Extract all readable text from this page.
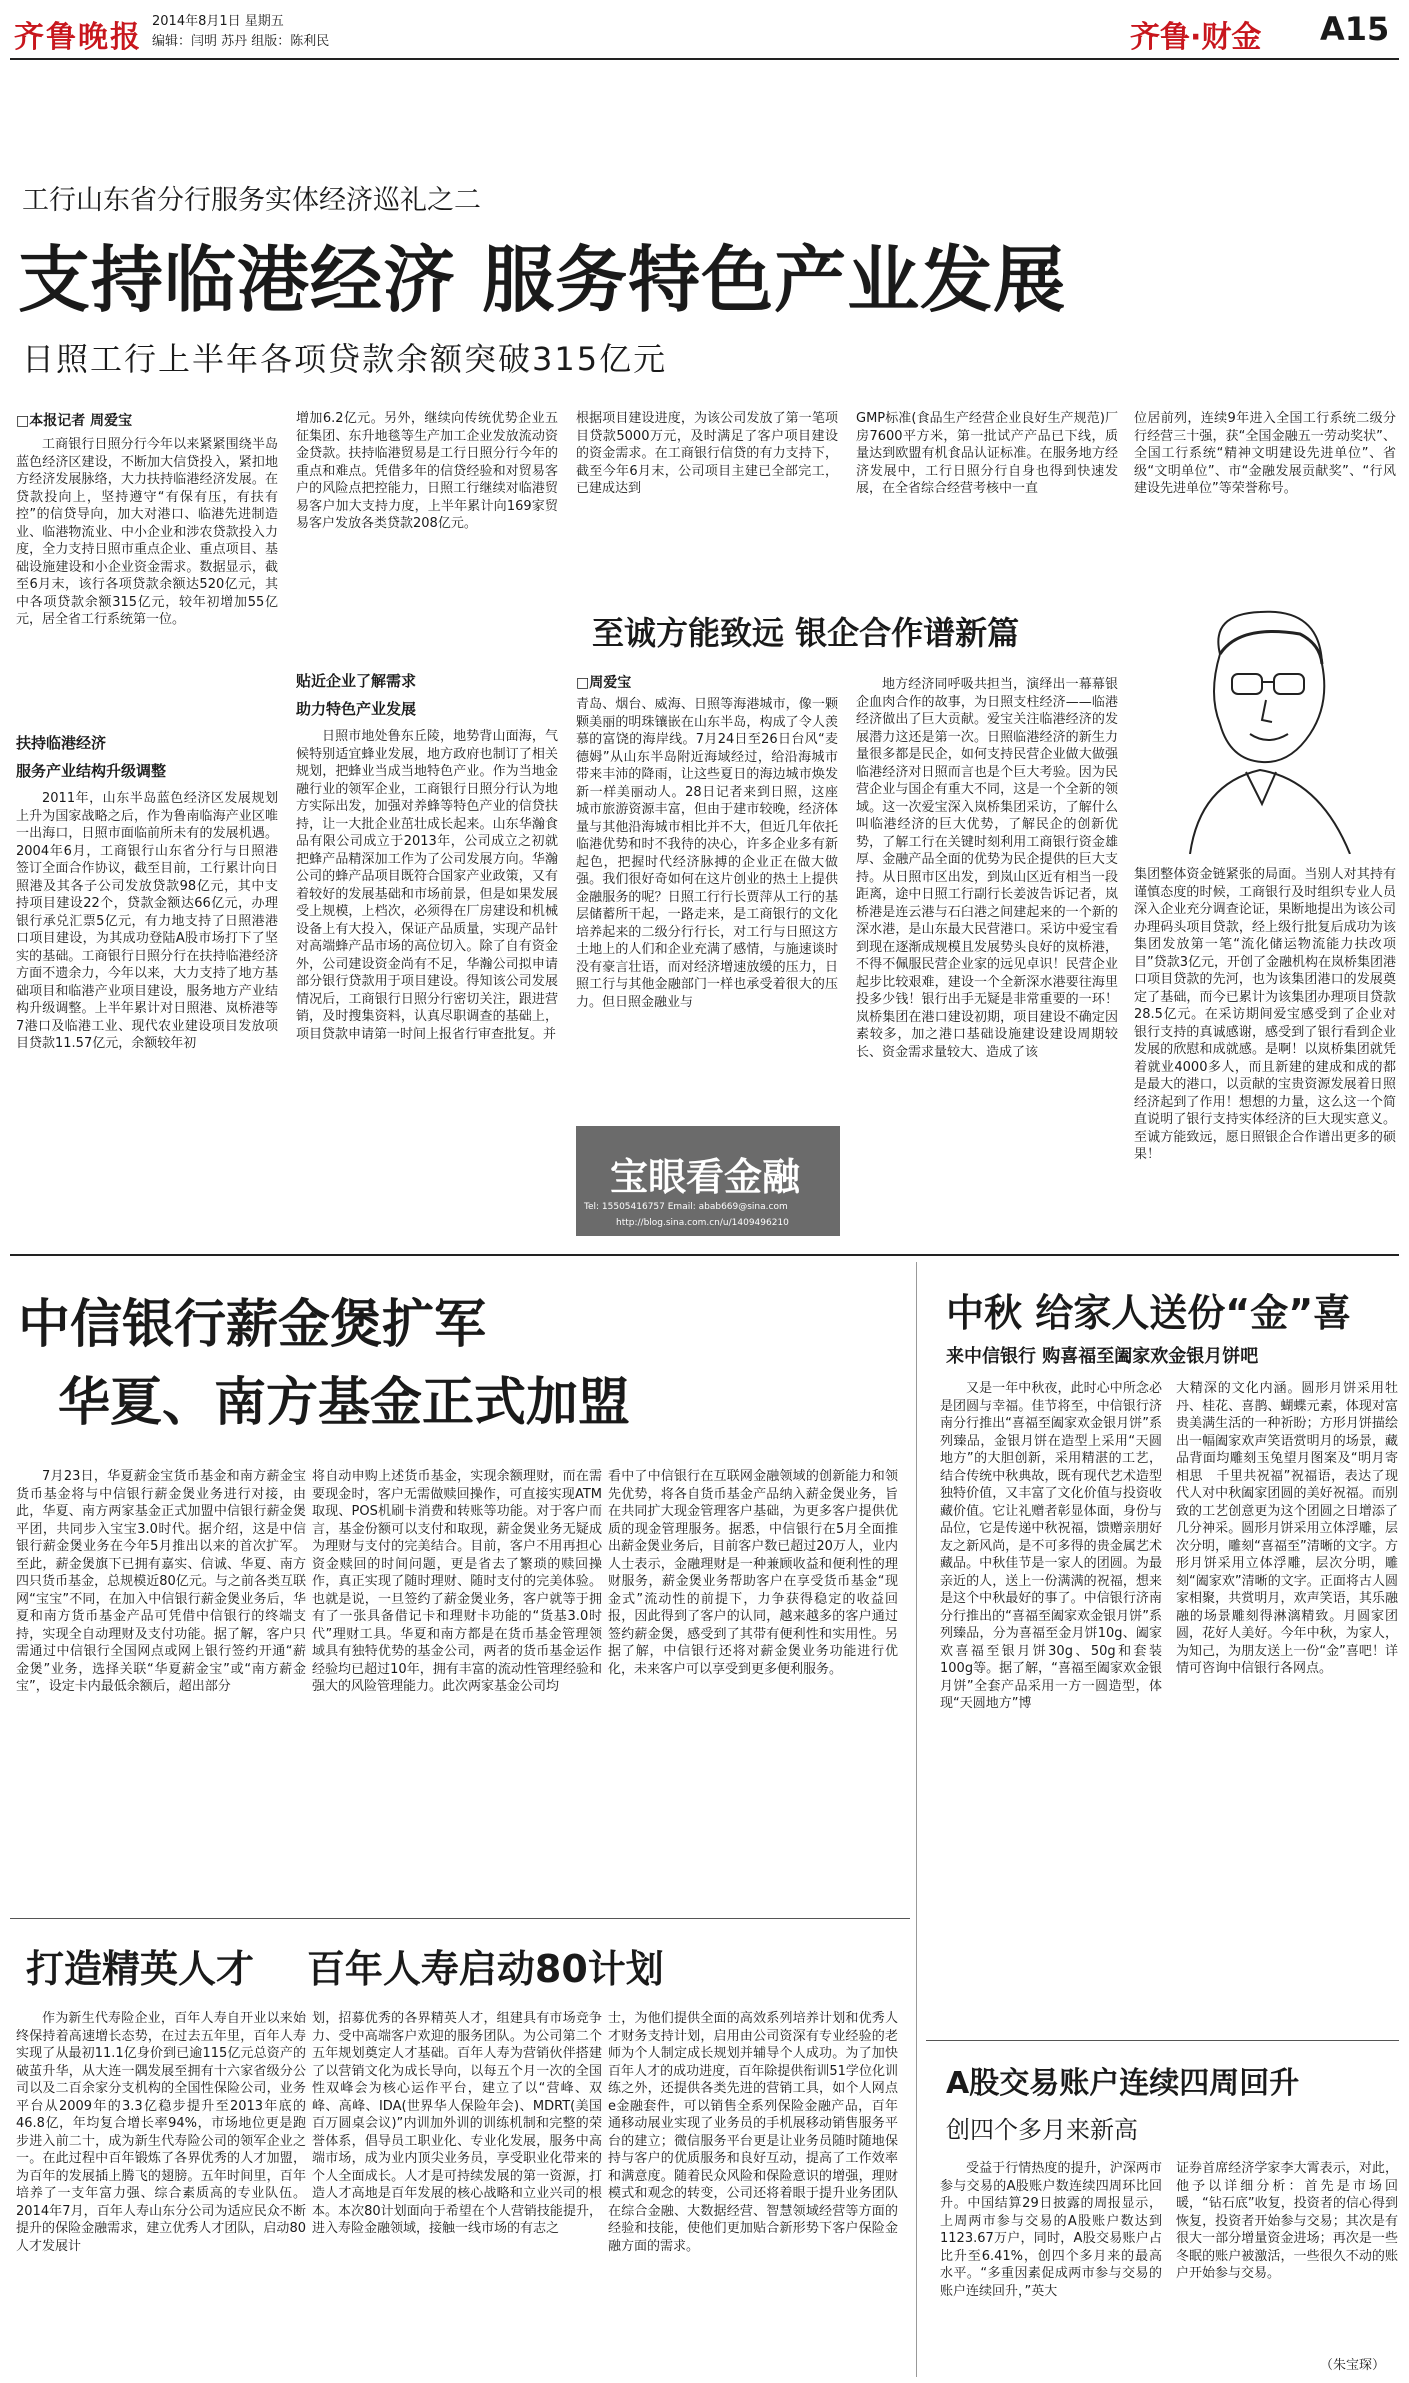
齐鲁晚报 2014年8月1日 星期五
编辑：闫明 苏丹 组版：陈利民	齐鲁·财金 A15
工行山东省分行服务实体经济巡礼之二
支持临港经济 服务特色产业发展
日照工行上半年各项贷款余额突破315亿元
□本报记者 周爱宝
工商银行日照分行今年以来紧紧围绕半岛蓝色经济区建设，不断加大信贷投入，紧扣地方经济发展脉络，大力扶持临港经济发展。在贷款投向上，坚持遵守“有保有压，有扶有控”的信贷导向，加大对港口、临港先进制造业、临港物流业、中小企业和涉农贷款投入力度，全力支持日照市重点企业、重点项目、基础设施建设和小企业资金需求。数据显示，截至6月末，该行各项贷款余额达520亿元，其中各项贷款余额315亿元，较年初增加55亿元，居全省工行系统第一位。
扶持临港经济
服务产业结构升级调整
2011年，山东半岛蓝色经济区发展规划上升为国家战略之后，作为鲁南临海产业区唯一出海口，日照市面临前所未有的发展机遇。2004年6月，工商银行山东省分行与日照港签订全面合作协议，截至目前，工行累计向日照港及其各子公司发放贷款98亿元，其中支持项目建设22个，贷款金额达66亿元，办理银行承兑汇票5亿元，有力地支持了日照港港口项目建设，为其成功登陆A股市场打下了坚实的基础。工商银行日照分行在扶持临港经济方面不遗余力，今年以来，大力支持了地方基础项目和临港产业项目建设，服务地方产业结构升级调整。上半年累计对日照港、岚桥港等7港口及临港工业、现代农业建设项目发放项目贷款11.57亿元，余额较年初
增加6.2亿元。另外，继续向传统优势企业五征集团、东升地毯等生产加工企业发放流动资金贷款。扶持临港贸易是工行日照分行今年的重点和难点。凭借多年的信贷经验和对贸易客户的风险点把控能力，日照工行继续对临港贸易客户加大支持力度，上半年累计向169家贸易客户发放各类贷款208亿元。
贴近企业了解需求
助力特色产业发展
日照市地处鲁东丘陵，地势背山面海，气候特别适宜蜂业发展，地方政府也制订了相关规划，把蜂业当成当地特色产业。作为当地金融行业的领军企业，工商银行日照分行认为地方实际出发，加强对养蜂等特色产业的信贷扶持，让一大批企业茁壮成长起来。山东华瀚食品有限公司成立于2013年，公司成立之初就把蜂产品精深加工作为了公司发展方向。华瀚公司的蜂产品项目既符合国家产业政策，又有着较好的发展基础和市场前景，但是如果发展受上规模，上档次，必须得在厂房建设和机械设备上有大投入，保证产品质量，实现产品针对高端蜂产品市场的高位切入。除了自有资金外，公司建设资金尚有不足，华瀚公司拟申请部分银行贷款用于项目建设。得知该公司发展情况后，工商银行日照分行密切关注，跟进营销，及时搜集资料，认真尽职调查的基础上，项目贷款申请第一时间上报省行审查批复。并
根据项目建设进度，为该公司发放了第一笔项目贷款5000万元，及时满足了客户项目建设的资金需求。在工商银行信贷的有力支持下，截至今年6月末，公司项目主建已全部完工，已建成达到
GMP标准(食品生产经营企业良好生产规范)厂房7600平方米，第一批试产产品已下线，质量达到欧盟有机食品认证标准。在服务地方经济发展中，工行日照分行自身也得到快速发展，在全省综合经营考核中一直
位居前列，连续9年进入全国工行系统二级分行经营三十强，获“全国金融五一劳动奖状”、全国工行系统“精神文明建设先进单位”、省级“文明单位”、市“金融发展贡献奖”、“行风建设先进单位”等荣誉称号。
至诚方能致远 银企合作谱新篇
□周爱宝
青岛、烟台、威海、日照等海港城市，像一颗颗美丽的明珠镶嵌在山东半岛，构成了令人羡慕的富饶的海岸线。7月24日至26日台风“麦德姆”从山东半岛附近海域经过，给沿海城市带来丰沛的降雨，让这些夏日的海边城市焕发新一样美丽动人。28日记者来到日照，这座城市旅游资源丰富，但由于建市较晚，经济体量与其他沿海城市相比并不大，但近几年依托临港优势和时不我待的决心，许多企业多有新起色，把握时代经济脉搏的企业正在做大做强。我们很好奇如何在这片创业的热土上提供金融服务的呢？日照工行行长贾萍从工行的基层储蓄所干起，一路走来，是工商银行的文化培养起来的二级分行行长，对工行与日照这方土地上的人们和企业充满了感情，与施速谈时没有豪言壮语，而对经济增速放缓的压力，日照工行与其他金融部门一样也承受着很大的压力。但日照金融业与
地方经济同呼吸共担当，演绎出一幕幕银企血肉合作的故事，为日照支柱经济——临港经济做出了巨大贡献。爱宝关注临港经济的发展潜力这还是第一次。日照临港经济的新生力量很多都是民企，如何支持民营企业做大做强临港经济对日照而言也是个巨大考验。因为民营企业与国企有重大不同，这是一个全新的领域。这一次爱宝深入岚桥集团采访，了解什么叫临港经济的巨大优势，了解民企的创新优势，了解工行在关键时刻利用工商银行资金雄厚、金融产品全面的优势为民企提供的巨大支持。从日照市区出发，到岚山区近有相当一段距离，途中日照工行副行长姜波告诉记者，岚桥港是连云港与石臼港之间建起来的一个新的深水港，是山东最大民营港口。采访中爱宝看到现在逐渐成规模且发展势头良好的岚桥港，不得不佩服民营企业家的远见卓识！民营企业起步比较艰难，建设一个全新深水港要往海里投多少钱！银行出手无疑是非常重要的一环！岚桥集团在港口建设初期，项目建设不确定因素较多，加之港口基础设施建设建设周期较长、资金需求量较大、造成了该
集团整体资金链紧张的局面。当别人对其持有谨慎态度的时候，工商银行及时组织专业人员深入企业充分调查论证，果断地提出为该公司办理码头项目贷款，经上级行批复后成功为该集团发放第一笔“流化储运物流能力扶改项目”贷款3亿元，开创了金融机构在岚桥集团港口项目贷款的先河，也为该集团港口的发展奠定了基础，而今已累计为该集团办理项目贷款28.5亿元。在采访期间爱宝感受到了企业对银行支持的真诚感谢，感受到了银行看到企业发展的欣慰和成就感。是啊！以岚桥集团就凭着就业4000多人，而且新建的建成和成的都是最大的港口，以贡献的宝贵资源发展着日照经济起到了作用！想想的力量，这么这一个简直说明了银行支持实体经济的巨大现实意义。至诚方能致远，愿日照银企合作谱出更多的硕果！
宝眼看金融
Tel: 15505416757 Email: abab669@sina.com
http://blog.sina.com.cn/u/1409496210
中信银行薪金煲扩军
华夏、南方基金正式加盟
7月23日，华夏薪金宝货币基金和南方薪金宝货币基金将与中信银行薪金煲业务进行对接，由此，华夏、南方两家基金正式加盟中信银行薪金煲平团，共同步入宝宝3.0时代。据介绍，这是中信银行薪金煲业务在今年5月推出以来的首次扩军。至此，薪金煲旗下已拥有嘉实、信诚、华夏、南方四只货币基金，总规模近80亿元。与之前各类互联网“宝宝”不同，在加入中信银行薪金煲业务后，华夏和南方货币基金产品可凭借中信银行的终端支持，实现全自动理财及支付功能。据了解，客户只需通过中信银行全国网点或网上银行签约开通“薪金煲”业务，选择关联“华夏薪金宝”或“南方薪金宝”，设定卡内最低余额后，超出部分
将自动申购上述货币基金，实现余额理财，而在需要现金时，客户无需做赎回操作，可直接实现ATM取现、POS机刷卡消费和转账等功能。对于客户而言，基金份额可以支付和取现，薪金煲业务无疑成为理财与支付的完美结合。目前，客户不用再担心资金赎回的时间问题，更是省去了繁琐的赎回操作，真正实现了随时理财、随时支付的完美体验。也就是说，一旦签约了薪金煲业务，客户就等于拥有了一张具备借记卡和理财卡功能的“货基3.0时代”理财工具。华夏和南方都是在货币基金管理领域具有独特优势的基金公司，两者的货币基金运作经验均已超过10年，拥有丰富的流动性管理经验和强大的风险管理能力。此次两家基金公司均
看中了中信银行在互联网金融领域的创新能力和领先优势，将各自货币基金产品纳入薪金煲业务，旨在共同扩大现金管理客户基础，为更多客户提供优质的现金管理服务。据悉，中信银行在5月全面推出薪金煲业务后，目前客户数已超过20万人，业内人士表示，金融理财是一种兼顾收益和便利性的理财服务，薪金煲业务帮助客户在享受货币基金“现金式”流动性的前提下，力争获得稳定的收益回报，因此得到了客户的认同，越来越多的客户通过签约薪金煲，感受到了其带有便利性和实用性。另据了解，中信银行还将对薪金煲业务功能进行优化，未来客户可以享受到更多便利服务。
中秋 给家人送份“金”喜
来中信银行 购喜福至阖家欢金银月饼吧
又是一年中秋夜，此时心中所念必是团圆与幸福。佳节将至，中信银行济南分行推出“喜福至阖家欢金银月饼”系列臻品，金银月饼在造型上采用“天圆地方”的大胆创新，采用精湛的工艺，结合传统中秋典故，既有现代艺术造型独特价值，又丰富了文化价值与投资收藏价值。它让礼赠者彰显体面，身份与品位，它是传递中秋祝福，馈赠亲朋好友之新风尚，是不可多得的贵金属艺术藏品。中秋佳节是一家人的团圆。为最亲近的人，送上一份满满的祝福，想来是这个中秋最好的事了。中信银行济南分行推出的“喜福至阖家欢金银月饼”系列臻品，分为喜福至金月饼10g、阖家欢喜福至银月饼30g、50g和套装100g等。据了解，“喜福至阖家欢金银月饼”全套产品采用一方一圆造型，体现“天圆地方”博
大精深的文化内涵。圆形月饼采用牡丹、桂花、喜鹊、蝴蝶元素，体现对富贵美满生活的一种祈盼；方形月饼描绘出一幅阖家欢声笑语赏明月的场景，藏品背面均雕刻玉兔望月图案及“明月寄相思　千里共祝福”祝福语，表达了现代人对中秋阖家团圆的美好祝福。而别致的工艺创意更为这个团圆之日增添了几分神采。圆形月饼采用立体浮雕，层次分明，雕刻“喜福至”清晰的文字。方形月饼采用立体浮雕，层次分明，雕刻“阖家欢”清晰的文字。正面将古人圆家相聚，共赏明月，欢声笑语，其乐融融的场景雕刻得淋漓精致。月圆家团圆，花好人美好。今年中秋，为家人，为知己，为朋友送上一份“金”喜吧！详情可咨询中信银行各网点。
打造精英人才    百年人寿启动80计划
作为新生代寿险企业，百年人寿自开业以来始终保持着高速增长态势，在过去五年里，百年人寿实现了从最初11.1亿身价到已逾115亿元总资产的破茧升华，从大连一隅发展至拥有十六家省级分公司以及二百余家分支机构的全国性保险公司，业务平台从2009年的3.3亿稳步提升至2013年底的46.8亿，年均复合增长率94%，市场地位更是跑步进入前二十，成为新生代寿险公司的领军企业之一。在此过程中百年锻炼了各界优秀的人才加盟，为百年的发展插上腾飞的翅膀。五年时间里，百年培养了一支年富力强、综合素质高的专业队伍。2014年7月，百年人寿山东分公司为适应民众不断提升的保险金融需求，建立优秀人才团队，启动80人才发展计
划，招募优秀的各界精英人才，组建具有市场竞争力、受中高端客户欢迎的服务团队。为公司第二个五年规划奠定人才基础。百年人寿为营销伙伴搭建了以营销文化为成长导向，以每五个月一次的全国性双峰会为核心运作平台，建立了以“营峰、双峰、高峰、IDA(世界华人保险年会)、MDRT(美国百万圆桌会议)”内训加外训的训练机制和完整的荣誉体系，倡导员工职业化、专业化发展，服务中高端市场，成为业内顶尖业务员，享受职业化带来的个人全面成长。人才是可持续发展的第一资源，打造人才高地是百年发展的核心战略和立业兴司的根本。本次80计划面向于希望在个人营销技能提升，进入寿险金融领域，接触一线市场的有志之
士，为他们提供全面的高效系列培养计划和优秀人才财务支持计划，启用由公司资深有专业经验的老师为个人制定成长规划并辅导个人成功。为了加快百年人才的成功进度，百年除提供衔训51学位化训练之外，还提供各类先进的营销工具，如个人网点e金融套件，可以销售全系列保险金融产品，百年通移动展业实现了业务员的手机展移动销售服务平台的建立；微信服务平台更是让业务员随时随地保持与客户的优质服务和良好互动，提高了工作效率和满意度。随着民众风险和保险意识的增强，理财模式和观念的转变，公司还将着眼于提升业务团队在综合金融、大数据经营、智慧领域经营等方面的经验和技能，使他们更加贴合新形势下客户保险金融方面的需求。
A股交易账户连续四周回升
创四个多月来新高
受益于行情热度的提升，沪深两市参与交易的A股账户数连续四周环比回升。中国结算29日披露的周报显示，上周两市参与交易的A股账户数达到1123.67万户，同时，A股交易账户占比升至6.41%，创四个多月来的最高水平。“多重因素促成两市参与交易的账户连续回升，”英大
证券首席经济学家李大霄表示，对此，他予以详细分析：首先是市场回暖，“钻石底”收复，投资者的信心得到恢复，投资者开始参与交易；其次是有很大一部分增量资金进场；再次是一些冬眠的账户被激活，一些很久不动的账户开始参与交易。
（朱宝琛）
